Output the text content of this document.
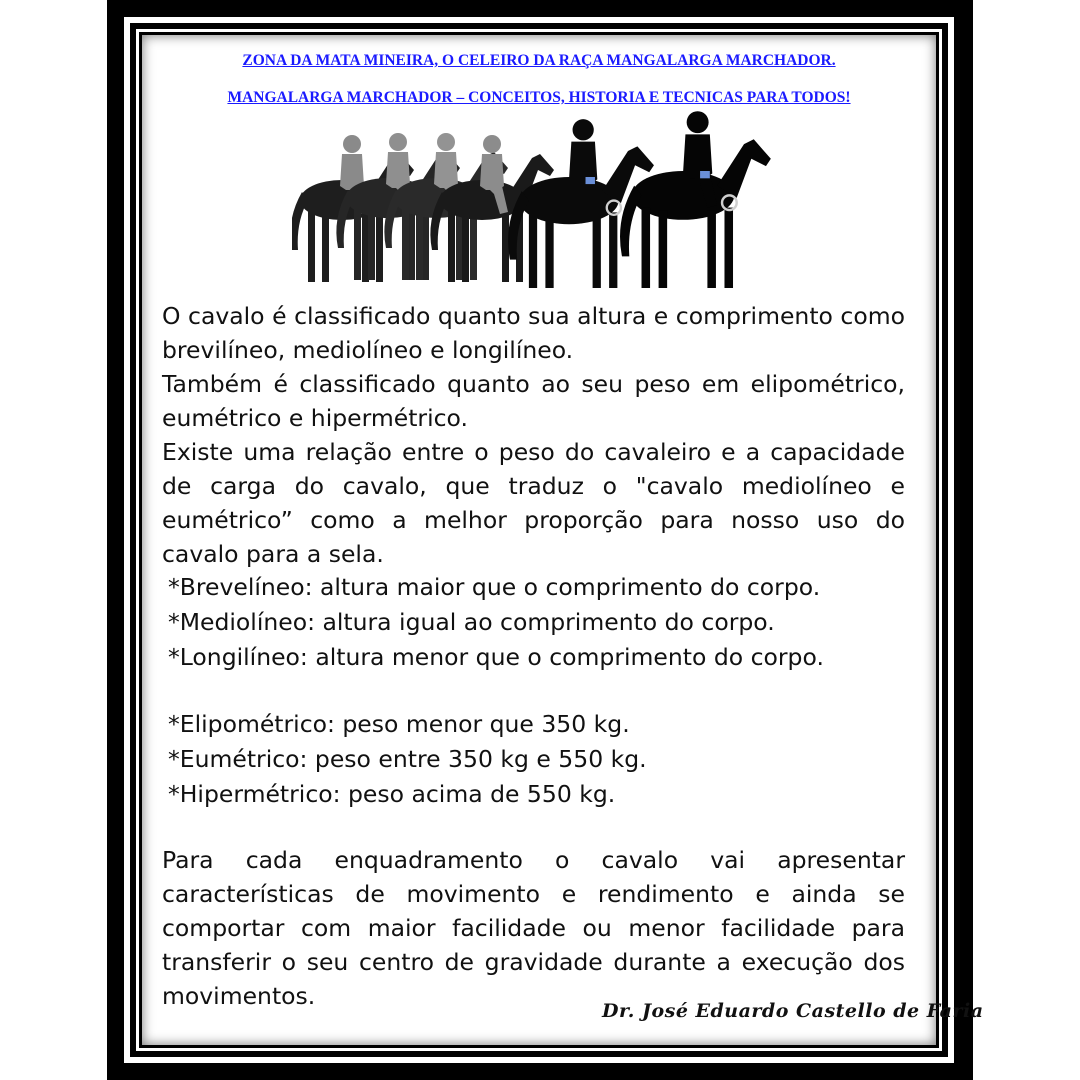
ZONA DA MATA MINEIRA, O CELEIRO DA RAÇA MANGALARGA MARCHADOR.
MANGALARGA MARCHADOR – CONCEITOS, HISTORIA E TECNICAS PARA TODOS!

O cavalo é classificado quanto sua altura e comprimento como brevilíneo, mediolíneo e longilíneo.

Também é classificado quanto ao seu peso em elipométrico, eumétrico e hipermétrico.

Existe uma relação entre o peso do cavaleiro e a capacidade de carga do cavalo, que traduz o "cavalo mediolíneo e eumétrico” como a melhor proporção para nosso uso do cavalo para a sela.

*Brevelíneo: altura maior que o comprimento do corpo.
*Mediolíneo: altura igual ao comprimento do corpo.
*Longilíneo: altura menor que o comprimento do corpo.
*Elipométrico: peso menor que 350 kg.
*Eumétrico: peso entre 350 kg e 550 kg.
*Hipermétrico: peso acima de 550 kg.

Para cada enquadramento o cavalo vai apresentar características de movimento e rendimento e ainda se comportar com maior facilidade ou menor facilidade para transferir o seu centro de gravidade durante a execução dos movimentos.

Dr. José Eduardo Castello de Faria
